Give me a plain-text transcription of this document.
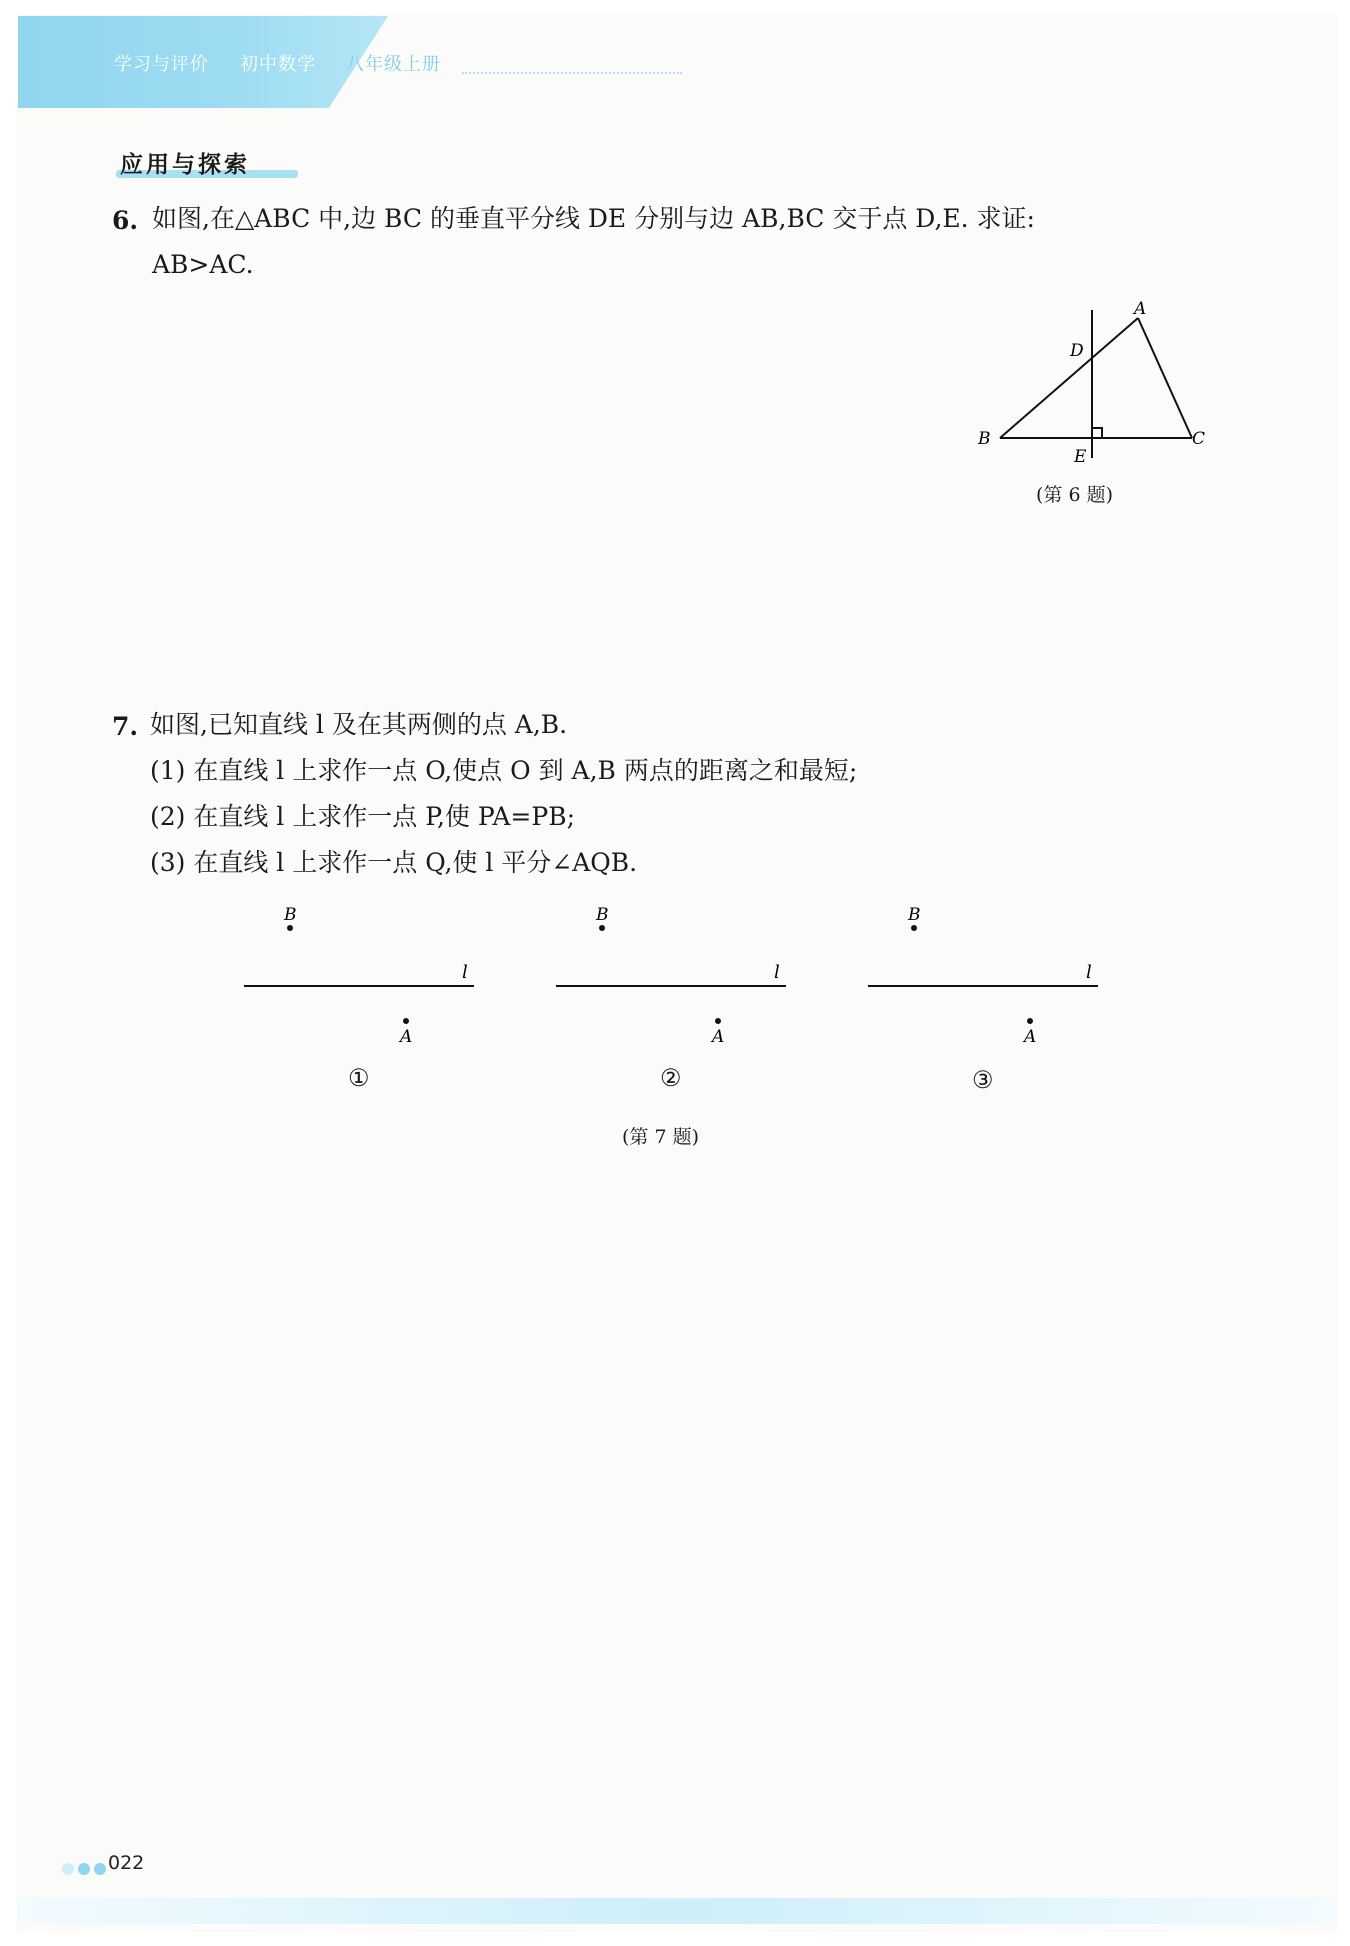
学习与评价 初中数学 八年级上册
应用与探索
6. 如图,在△ABC 中,边 BC 的垂直平分线 DE 分别与边 AB,BC 交于点 D,E. 求证:
AB>AC.
A
D
B	C
E
(第 6 题)
7. 如图,已知直线 l 及在其两侧的点 A,B.
(1) 在直线 l 上求作一点 O,使点 O 到 A,B 两点的距离之和最短;
(2) 在直线 l 上求作一点 P,使 PA=PB;
(3) 在直线 l 上求作一点 Q,使 l 平分∠AQB.
B
l
A
①
B
l
A
②
B
l
A
③
(第 7 题)
022
